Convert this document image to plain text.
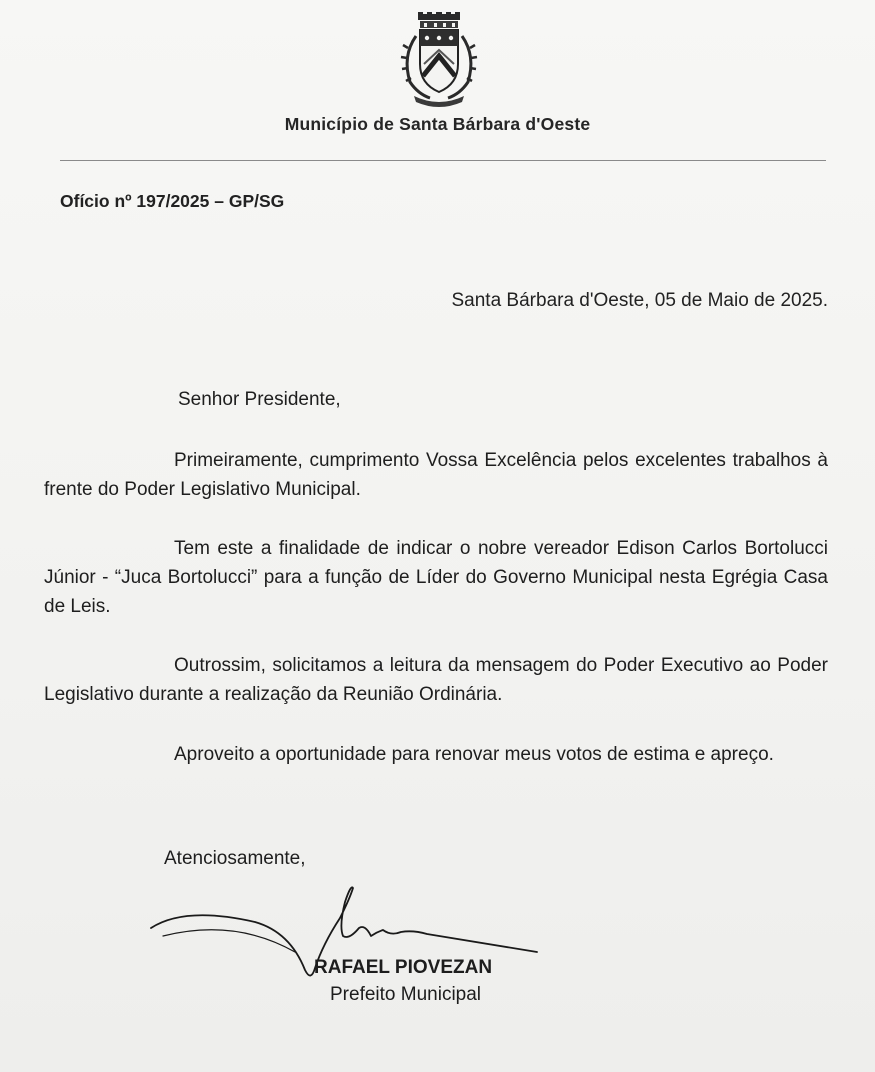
Município de Santa Bárbara d'Oeste
Ofício nº 197/2025 – GP/SG
Santa Bárbara d'Oeste, 05 de Maio de 2025.
Senhor Presidente,
Primeiramente, cumprimento Vossa Excelência pelos excelentes trabalhos à frente do Poder Legislativo Municipal.
Tem este a finalidade de indicar o nobre vereador Edison Carlos Bortolucci Júnior - “Juca Bortolucci” para a função de Líder do Governo Municipal nesta Egrégia Casa de Leis.
Outrossim, solicitamos a leitura da mensagem do Poder Executivo ao Poder Legislativo durante a realização da Reunião Ordinária.
Aproveito a oportunidade para renovar meus votos de estima e apreço.
Atenciosamente,
RAFAEL PIOVEZAN
Prefeito Municipal
